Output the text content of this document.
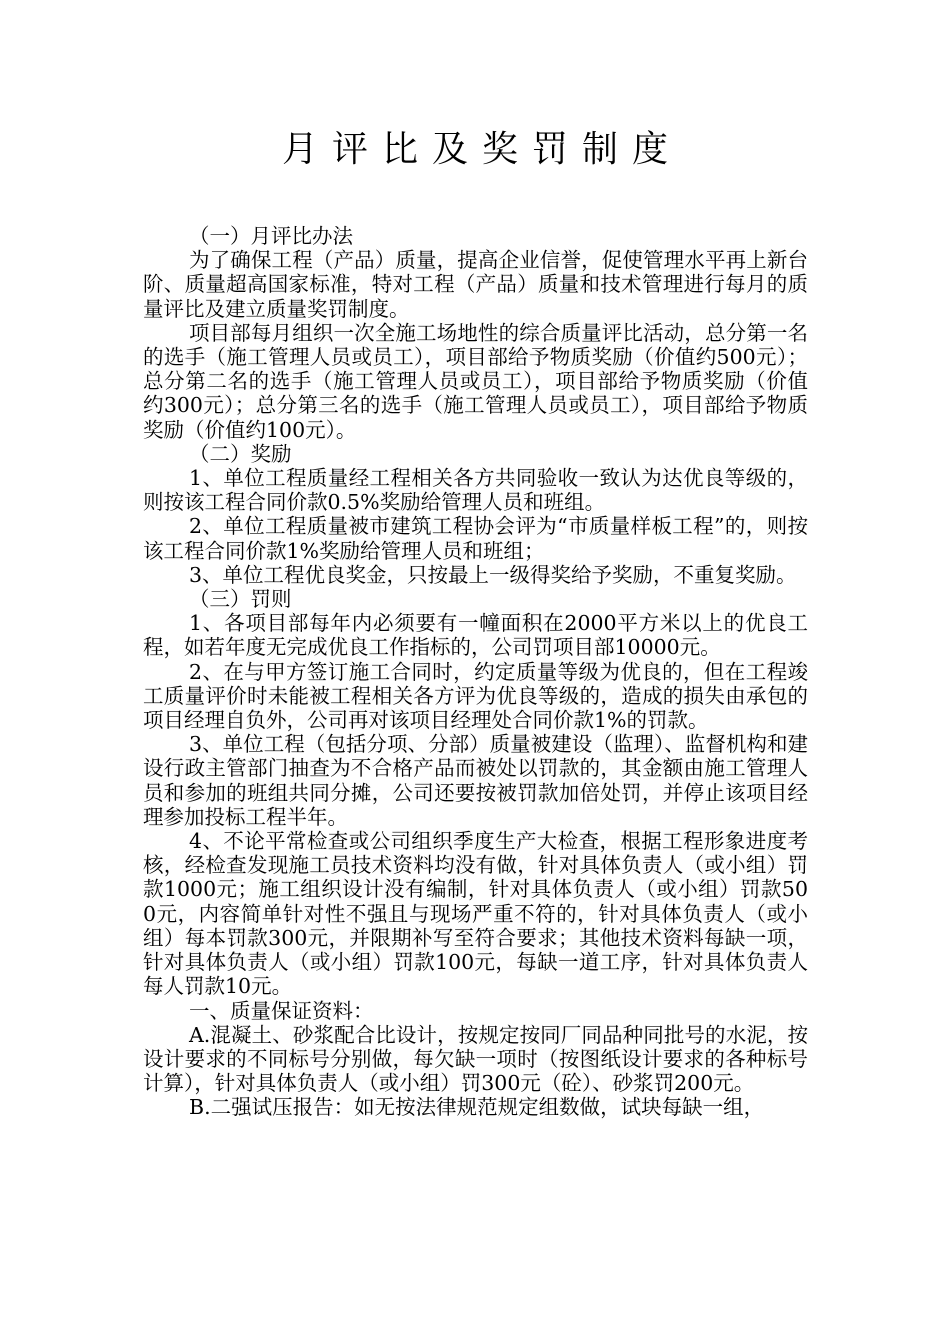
月评比及奖罚制度

（一）月评比办法

为了确保工程（产品）质量，提高企业信誉，促使管理水平再上新台阶、质量超高国家标准，特对工程（产品）质量和技术管理进行每月的质量评比及建立质量奖罚制度。

项目部每月组织一次全施工场地性的综合质量评比活动，总分第一名的选手（施工管理人员或员工），项目部给予物质奖励（价值约500元）；总分第二名的选手（施工管理人员或员工），项目部给予物质奖励（价值约300元）；总分第三名的选手（施工管理人员或员工），项目部给予物质奖励（价值约100元）。

（二）奖励

1、单位工程质量经工程相关各方共同验收一致认为达优良等级的，则按该工程合同价款0.5%奖励给管理人员和班组。

2、单位工程质量被市建筑工程协会评为“市质量样板工程”的，则按该工程合同价款1%奖励给管理人员和班组；

3、单位工程优良奖金，只按最上一级得奖给予奖励，不重复奖励。

（三）罚则

1、各项目部每年内必须要有一幢面积在2000平方米以上的优良工程，如若年度无完成优良工作指标的，公司罚项目部10000元。

2、在与甲方签订施工合同时，约定质量等级为优良的，但在工程竣工质量评价时未能被工程相关各方评为优良等级的，造成的损失由承包的项目经理自负外，公司再对该项目经理处合同价款1%的罚款。

3、单位工程（包括分项、分部）质量被建设（监理）、监督机构和建设行政主管部门抽查为不合格产品而被处以罚款的，其金额由施工管理人员和参加的班组共同分摊，公司还要按被罚款加倍处罚，并停止该项目经理参加投标工程半年。

4、不论平常检查或公司组织季度生产大检查，根据工程形象进度考核，经检查发现施工员技术资料均没有做，针对具体负责人（或小组）罚款1000元；施工组织设计没有编制，针对具体负责人（或小组）罚款500元，内容简单针对性不强且与现场严重不符的，针对具体负责人（或小组）每本罚款300元，并限期补写至符合要求；其他技术资料每缺一项，针对具体负责人（或小组）罚款100元，每缺一道工序，针对具体负责人每人罚款10元。

一、质量保证资料：

A.混凝土、砂浆配合比设计，按规定按同厂同品种同批号的水泥，按设计要求的不同标号分别做，每欠缺一项时（按图纸设计要求的各种标号计算），针对具体负责人（或小组）罚300元（砼）、砂浆罚200元。

B.二强试压报告：如无按法律规范规定组数做，试块每缺一组，
